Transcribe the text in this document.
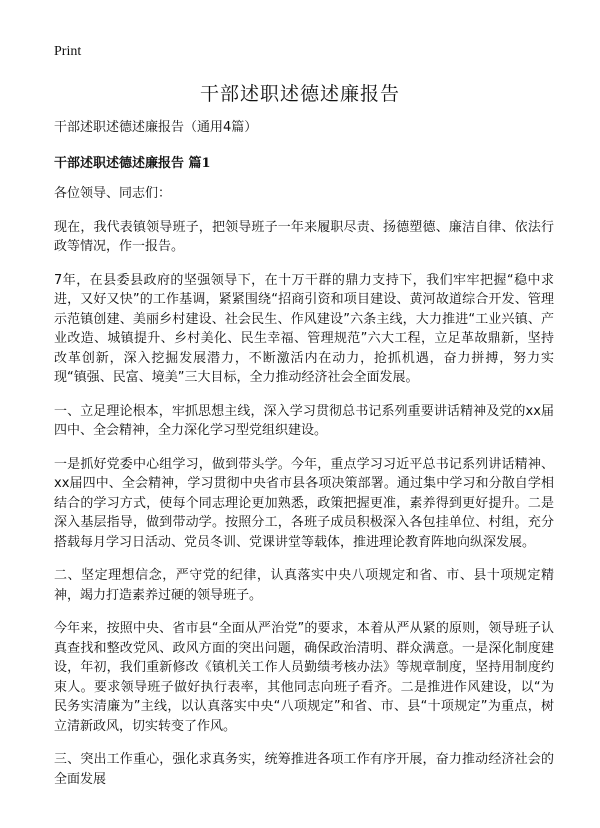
Print
干部述职述德述廉报告

干部述职述德述廉报告（通用4篇）

干部述职述德述廉报告 篇1

各位领导、同志们：

现在，我代表镇领导班子，把领导班子一年来履职尽责、扬德塑德、廉洁自律、依法行政等情况，作一报告。

7年，在县委县政府的坚强领导下，在十万干群的鼎力支持下，我们牢牢把握“稳中求进，又好又快”的工作基调，紧紧围绕“招商引资和项目建设、黄河故道综合开发、管理示范镇创建、美丽乡村建设、社会民生、作风建设”六条主线，大力推进“工业兴镇、产业改造、城镇提升、乡村美化、民生幸福、管理规范”六大工程，立足革故鼎新，坚持改革创新，深入挖掘发展潜力，不断激活内在动力，抢抓机遇，奋力拼搏，努力实现“镇强、民富、境美”三大目标，全力推动经济社会全面发展。

一、立足理论根本，牢抓思想主线，深入学习贯彻总书记系列重要讲话精神及党的xx届四中、全会精神，全力深化学习型党组织建设。

一是抓好党委中心组学习，做到带头学。今年，重点学习习近平总书记系列讲话精神、xx届四中、全会精神，学习贯彻中央省市县各项决策部署。通过集中学习和分散自学相结合的学习方式，使每个同志理论更加熟悉，政策把握更准，素养得到更好提升。二是深入基层指导，做到带动学。按照分工，各班子成员积极深入各包挂单位、村组，充分搭载每月学习日活动、党员冬训、党课讲堂等载体，推进理论教育阵地向纵深发展。

二、坚定理想信念，严守党的纪律，认真落实中央八项规定和省、市、县十项规定精神，竭力打造素养过硬的领导班子。

今年来，按照中央、省市县“全面从严治党”的要求，本着从严从紧的原则，领导班子认真查找和整改党风、政风方面的突出问题，确保政治清明、群众满意。一是深化制度建设，年初，我们重新修改《镇机关工作人员勤绩考核办法》等规章制度，坚持用制度约束人。要求领导班子做好执行表率，其他同志向班子看齐。二是推进作风建设，以“为民务实清廉为”主线，以认真落实中央“八项规定”和省、市、县“十项规定”为重点，树立清新政风，切实转变了作风。

三、突出工作重心，强化求真务实，统筹推进各项工作有序开展，奋力推动经济社会的全面发展
